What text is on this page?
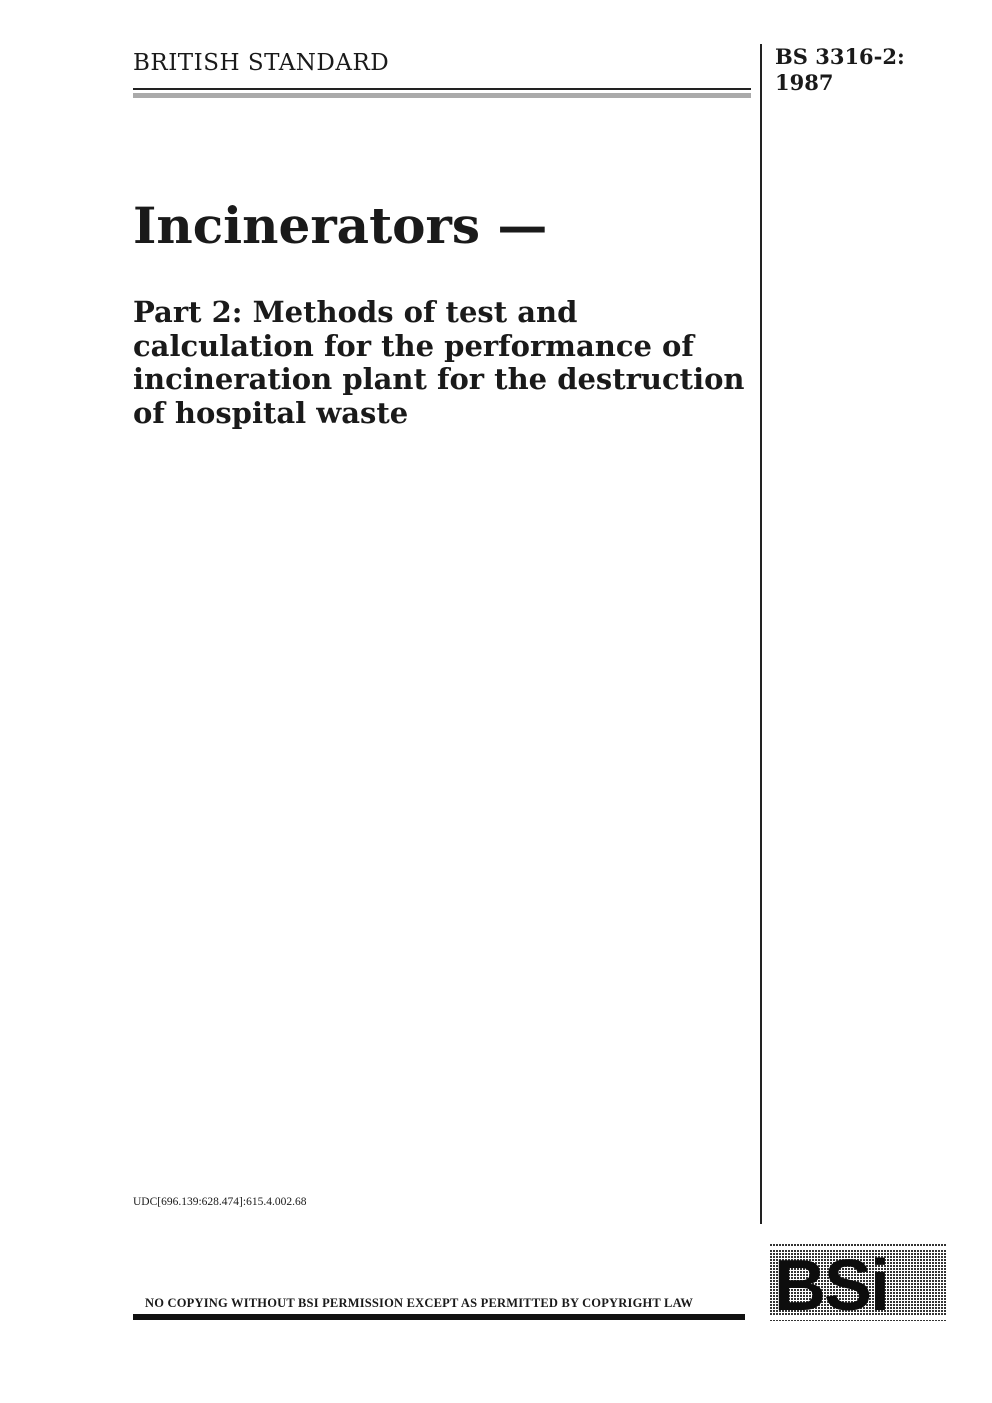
BRITISH STANDARD	BS 3316-2:
1987
Incinerators —
Part 2: Methods of test and calculation for the performance of incineration plant for the destruction of hospital waste
UDC[696.139:628.474]:615.4.002.68
NO COPYING WITHOUT BSI PERMISSION EXCEPT AS PERMITTED BY COPYRIGHT LAW BSi
